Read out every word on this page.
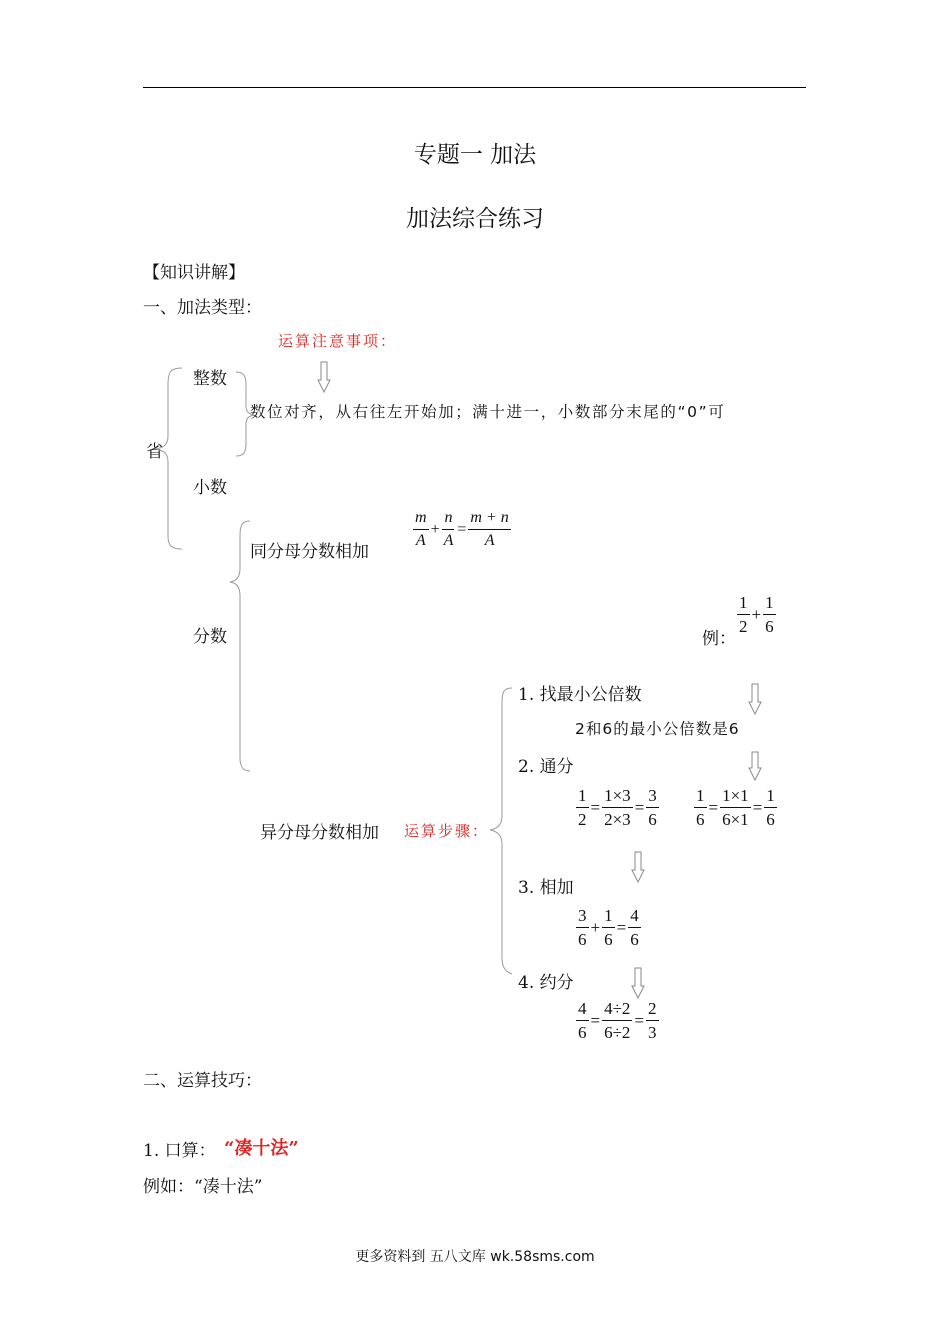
专题一 加法
加法综合练习
【知识讲解】
一、加法类型：
运算注意事项：
整数
省
数位对齐，从右往左开始加；满十进一，小数部分末尾的“0”可
小数
分数
同分母分数相加
$\frac{m}{A} + \frac{n}{A} = \frac{m + n}{A}$
例：
$\frac{1}{2} + \frac{1}{6}$
1. 找最小公倍数
2和6的最小公倍数是6
2. 通分
$\frac{1}{2} = \frac{1\times 3}{2\times 3} = \frac{3}{6} \frac{1}{6} = \frac{1\times 1}{6\times 1} = \frac{1}{6}$
异分母分数相加 运算步骤：
3. 相加
$\frac{3}{6} + \frac{1}{6} = \frac{4}{6}$
4. 约分
$\frac{4}{6} = \frac{4\div 2}{6\div 2} = \frac{2}{3}$
二、运算技巧：
1. 口算： “凑十法”
例如：“凑十法”
更多资料到 五八文库 wk.58sms.com
